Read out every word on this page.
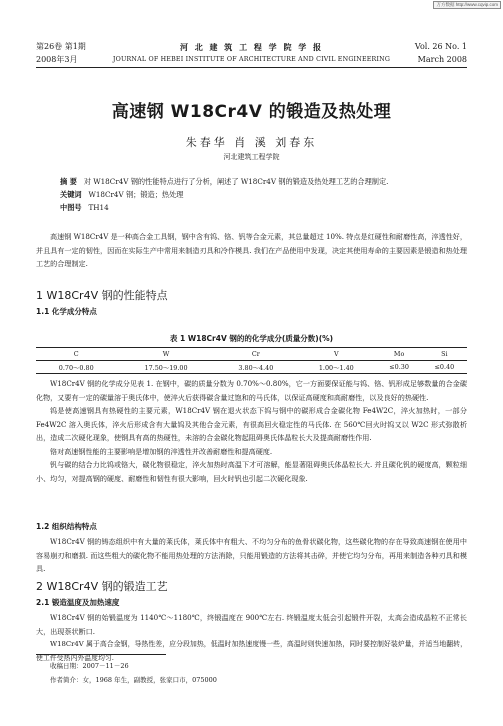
万方数据 http://www.cqvip.com
第26卷 第1期	河 北 建 筑 工 程 学 院 学 报	Vol. 26 No. 1
2008年3月	JOURNAL OF HEBEI INSTITUTE OF ARCHITECTURE AND CIVIL ENGINEERING	March 2008
高速钢 W18Cr4V 的锻造及热处理
朱春华 肖 溪 刘春东
河北建筑工程学院
摘 要 对 W18Cr4V 钢的性能特点进行了分析，阐述了 W18Cr4V 钢的锻造及热处理工艺的合理制定.
关键词 W18Cr4V 钢；锻造；热处理
中图号 TH14

高速钢 W18Cr4V 是一种高合金工具钢，钢中含有钨、铬、钒等合金元素，其总量超过 10%. 特点是红硬性和耐磨性高，淬透性好，并且具有一定的韧性，因而在实际生产中常用来制造刃具和冷作模具. 我们在产品使用中发现，决定其使用寿命的主要因素是锻造和热处理工艺的合理制定.

1 W18Cr4V 钢的性能特点
1.1 化学成分特点
表 1 W18Cr4V 钢的的化学成分(质量分数)(%)
C	W	Cr	V	Mo	Si
0.70～0.80	17.50～19.00	3.80～4.40	1.00～1.40	≤0.30	≤0.40

W18Cr4V 钢的化学成分见表 1. 在钢中，碳的质量分数为 0.70%～0.80%，它一方面要保证能与钨、铬、钒形成足够数量的合金碳化物，又要有一定的碳量溶于奥氏体中，使淬火后获得碳含量过饱和的马氏体，以保证高硬度和高耐磨性，以及良好的热硬性.

钨是使高速钢具有热硬性的主要元素，W18Cr4V 钢在退火状态下钨与钢中的碳形成合金碳化物 Fe4W2C，淬火加热时，一部分 Fe4W2C 溶入奥氏体，淬火后形成含有大量钨及其他合金元素，有很高回火稳定性的马氏体. 在 560℃回火时钨又以 W2C 形式弥散析出，造成二次硬化现象，使钢具有高的热硬性，未溶的合金碳化物起阻碍奥氏体晶粒长大及提高耐磨性作用.

铬对高速钢性能的主要影响是增加钢的淬透性并改善耐磨性和提高硬度.

钒与碳的结合力比钨或铬大，碳化物很稳定，淬火加热时高温下才可溶解，能显著阻碍奥氏体晶粒长大. 并且碳化钒的硬度高，颗粒细小、均匀，对提高钢的硬度、耐磨性和韧性有很大影响，回火时钒也引起二次硬化现象.

1.2 组织结构特点

W18Cr4V 钢的铸态组织中有大量的莱氏体，莱氏体中有粗大、不均匀分布的鱼骨状碳化物，这些碳化物的存在导致高速钢在使用中容易崩刃和磨损. 而这些粗大的碳化物不能用热处理的方法消除，只能用锻造的方法将其击碎，并使它均匀分布，再用来制造各种刃具和模具.

2 W18Cr4V 钢的锻造工艺
2.1 锻造温度及加热速度

W18Cr4V 钢的始锻温度为 1140℃～1180℃，终锻温度在 900℃左右. 终锻温度太低会引起锻件开裂，太高会造成晶粒不正常长大，出现萘状断口.

W18Cr4V 属于高合金钢，导热性差，应分段加热，低温时加热速度慢一些，高温时则快速加热，同时要控制好装炉量，并适当地翻转，使工件受热内外温度均匀.

收稿日期：2007－11－26
作者简介：女，1968 年生，副教授，张家口市，075000
